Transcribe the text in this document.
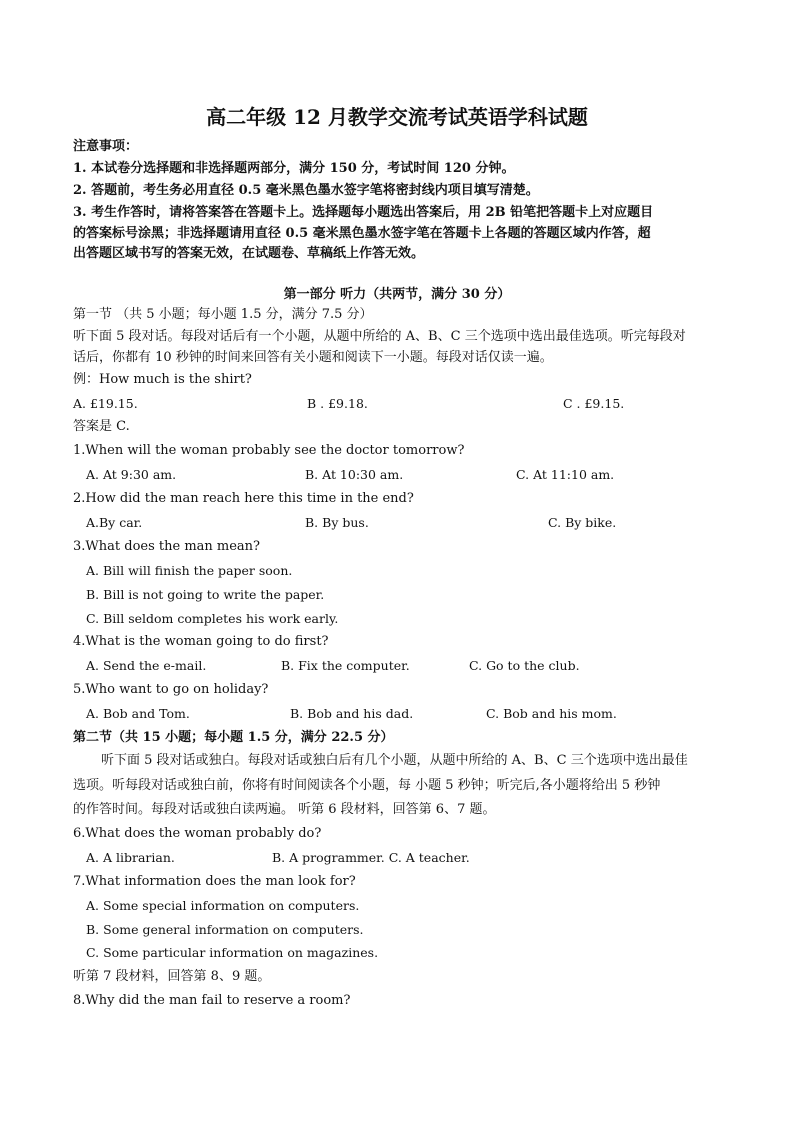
高二年级 12 月教学交流考试英语学科试题
注意事项：
1. 本试卷分选择题和非选择题两部分，满分 150 分，考试时间 120 分钟。
2. 答题前，考生务必用直径 0.5 毫米黑色墨水签字笔将密封线内项目填写清楚。
3. 考生作答时，请将答案答在答题卡上。选择题每小题选出答案后，用 2B 铅笔把答题卡上对应题目
的答案标号涂黑；非选择题请用直径 0.5 毫米黑色墨水签字笔在答题卡上各题的答题区域内作答，超
出答题区域书写的答案无效，在试题卷、草稿纸上作答无效。
第一部分 听力（共两节，满分 30 分）
第一节 （共 5 小题；每小题 1.5 分，满分 7.5 分）
听下面 5 段对话。每段对话后有一个小题，从题中所给的 A、B、C 三个选项中选出最佳选项。听完每段对
话后，你都有 10 秒钟的时间来回答有关小题和阅读下一小题。每段对话仅读一遍。
例：How much is the shirt?
A. £19.15.	B . £9.18.	C . £9.15.
答案是 C.
1.When will the woman probably see the doctor tomorrow?
A. At 9:30 am.	B. At 10:30 am.	C. At 11:10 am.
2.How did the man reach here this time in the end?
A.By car.	B. By bus.	C. By bike.
3.What does the man mean?
A. Bill will finish the paper soon.
B. Bill is not going to write the paper.
C. Bill seldom completes his work early.
4.What is the woman going to do first?
A. Send the e-mail.	B. Fix the computer.	C. Go to the club.
5.Who want to go on holiday?
A. Bob and Tom.	B. Bob and his dad.	C. Bob and his mom.
第二节（共 15 小题；每小题 1.5 分，满分 22.5 分）
听下面 5 段对话或独白。每段对话或独白后有几个小题，从题中所给的 A、B、C 三个选项中选出最佳
选项。听每段对话或独白前，你将有时间阅读各个小题，每 小题 5 秒钟；听完后,各小题将给出 5 秒钟
的作答时间。每段对话或独白读两遍。 听第 6 段材料，回答第 6、7 题。
6.What does the woman probably do?
A. A librarian.	B. A programmer. C. A teacher.
7.What information does the man look for?
A. Some special information on computers.
B. Some general information on computers.
C. Some particular information on magazines.
听第 7 段材料，回答第 8、9 题。
8.Why did the man fail to reserve a room?
